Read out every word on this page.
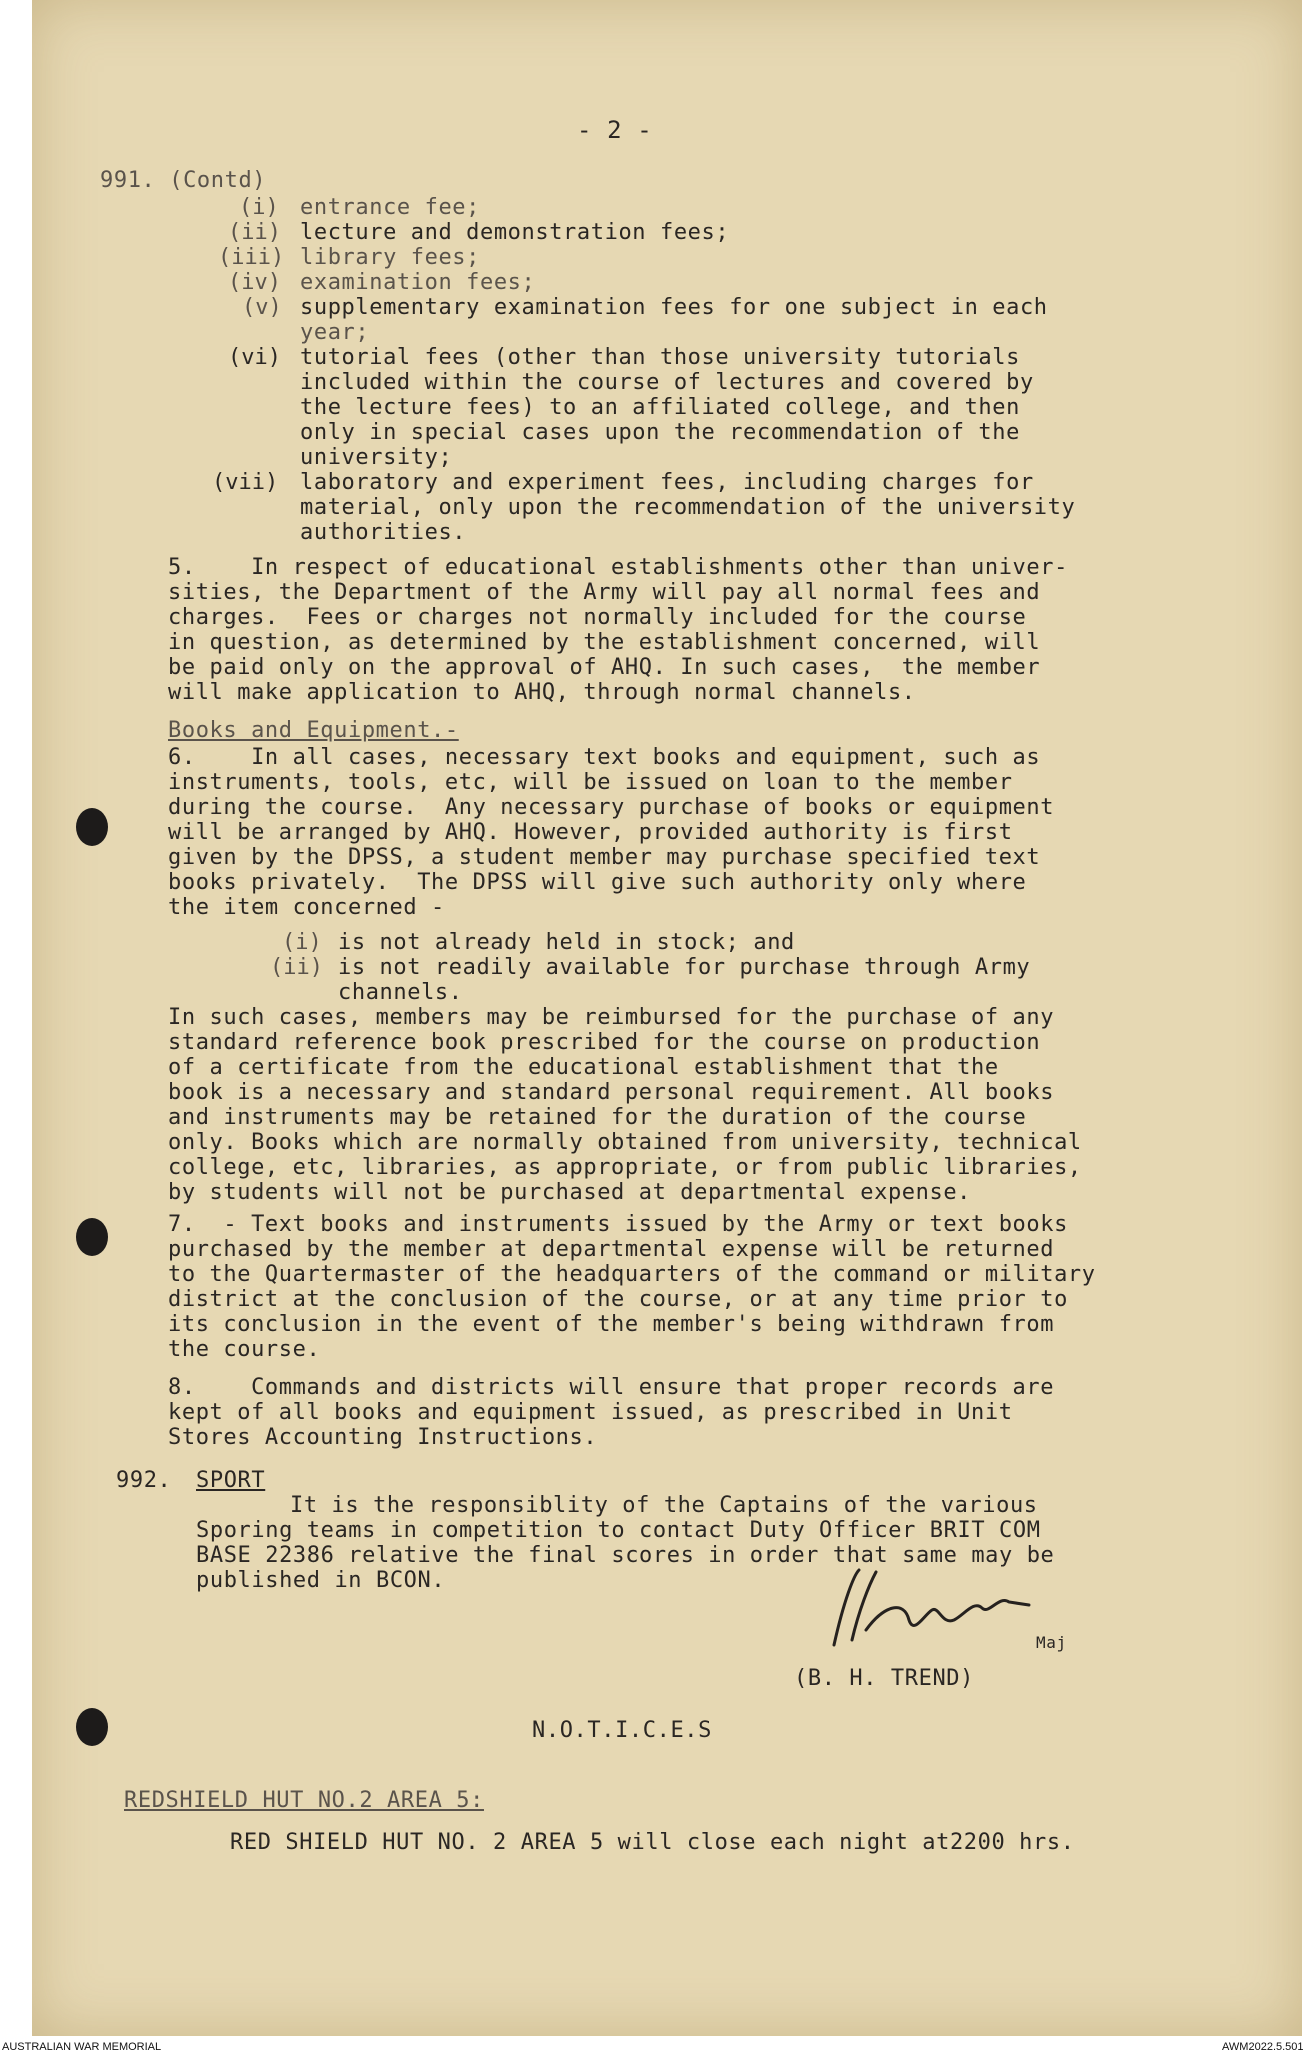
- 2 -
991. (Contd)
(i) entrance fee;
(ii) lecture and demonstration fees;
(iii) library fees;
(iv) examination fees;
(v) supplementary examination fees for one subject in each
year;
(vi) tutorial fees (other than those university tutorials
included within the course of lectures and covered by
the lecture fees) to an affiliated college, and then
only in special cases upon the recommendation of the
university;
(vii) laboratory and experiment fees, including charges for
material, only upon the recommendation of the university
authorities.
5.    In respect of educational establishments other than univer-
sities, the Department of the Army will pay all normal fees and
charges.  Fees or charges not normally included for the course
in question, as determined by the establishment concerned, will
be paid only on the approval of AHQ. In such cases,  the member
will make application to AHQ, through normal channels.
Books and Equipment.-
6.    In all cases, necessary text books and equipment, such as
instruments, tools, etc, will be issued on loan to the member
during the course.  Any necessary purchase of books or equipment
will be arranged by AHQ. However, provided authority is first
given by the DPSS, a student member may purchase specified text
books privately.  The DPSS will give such authority only where
the item concerned -
(i) is not already held in stock; and
(ii) is not readily available for purchase through Army
channels.
In such cases, members may be reimbursed for the purchase of any
standard reference book prescribed for the course on production
of a certificate from the educational establishment that the
book is a necessary and standard personal requirement. All books
and instruments may be retained for the duration of the course
only. Books which are normally obtained from university, technical
college, etc, libraries, as appropriate, or from public libraries,
by students will not be purchased at departmental expense.
7.  - Text books and instruments issued by the Army or text books
purchased by the member at departmental expense will be returned
to the Quartermaster of the headquarters of the command or military
district at the conclusion of the course, or at any time prior to
its conclusion in the event of the member's being withdrawn from
the course.
8.    Commands and districts will ensure that proper records are
kept of all books and equipment issued, as prescribed in Unit
Stores Accounting Instructions.
992. SPORT
It is the responsiblity of the Captains of the various
Sporing teams in competition to contact Duty Officer BRIT COM
BASE 22386 relative the final scores in order that same may be
published in BCON.
Maj
(B. H. TREND)
N.O.T.I.C.E.S
REDSHIELD HUT NO.2 AREA 5:
RED SHIELD HUT NO. 2 AREA 5 will close each night at2200 hrs.
AUSTRALIAN WAR MEMORIAL	AWM2022.5.501
